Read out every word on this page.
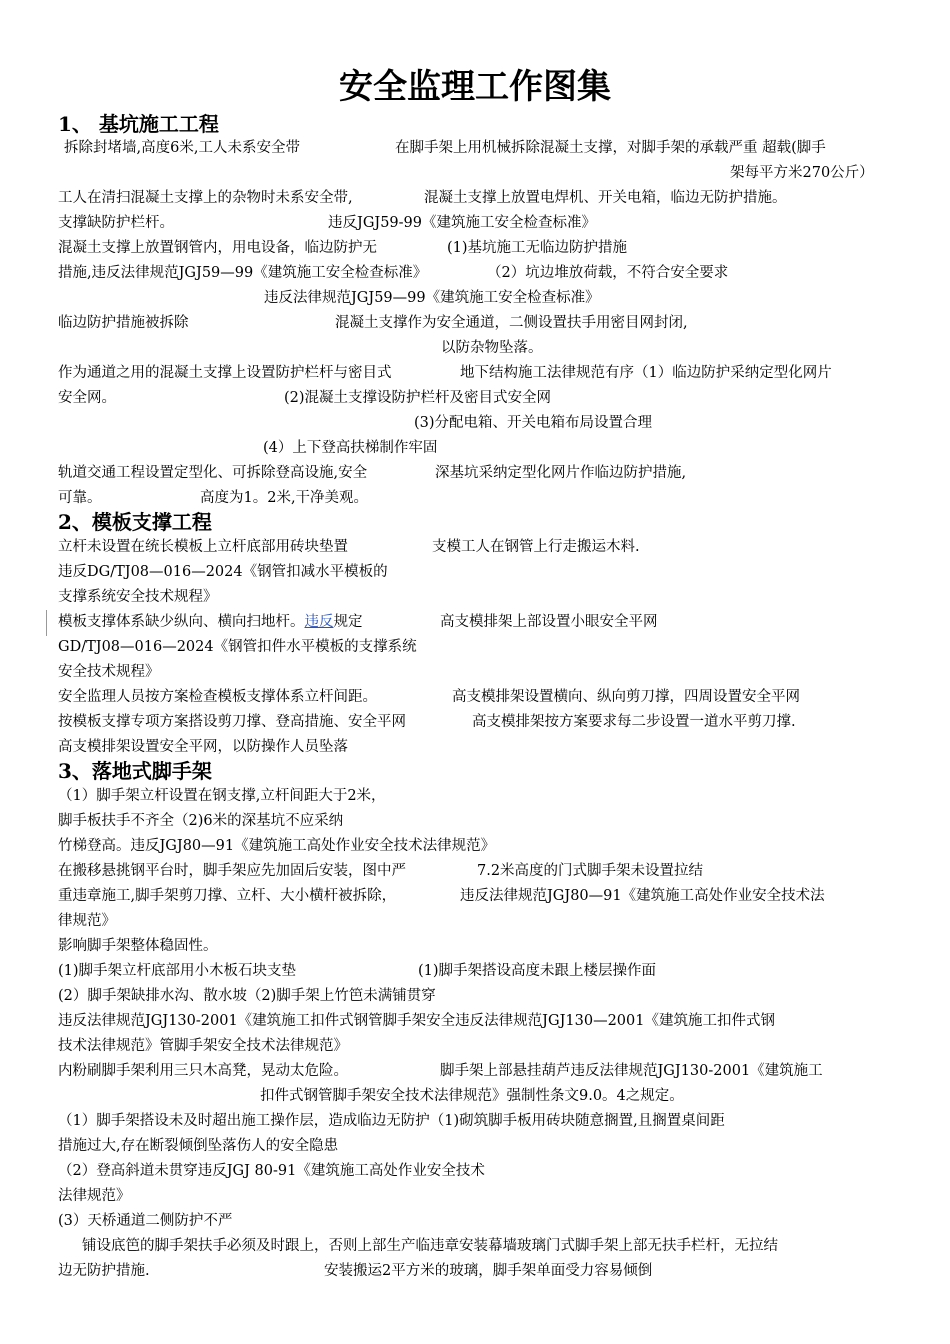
安全监理工作图集
1、 基坑施工工程
拆除封堵墙,高度6米,工人未系安全带	在脚手架上用机械拆除混凝土支撑，对脚手架的承载严重 超载(脚手
架每平方米270公斤）
工人在清扫混凝土支撑上的杂物时未系安全带,	混凝土支撑上放置电焊机、开关电箱，临边无防护措施。
支撑缺防护栏杆。	违反JGJ59-99《建筑施工安全检查标准》
混凝土支撑上放置钢管内，用电设备，临边防护无	(1)基坑施工无临边防护措施
措施,违反法律规范JGJ59—99《建筑施工安全检查标准》	（2）坑边堆放荷载，不符合安全要求
违反法律规范JGJ59—99《建筑施工安全检查标准》
临边防护措施被拆除	混凝土支撑作为安全通道，二侧设置扶手用密目网封闭,
以防杂物坠落。
作为通道之用的混凝土支撑上设置防护栏杆与密目式	地下结构施工法律规范有序（1）临边防护采纳定型化网片
安全网。	(2)混凝土支撑设防护栏杆及密目式安全网
(3)分配电箱、开关电箱布局设置合理
(4）上下登高扶梯制作牢固
轨道交通工程设置定型化、可拆除登高设施,安全	深基坑采纳定型化网片作临边防护措施,
可靠。	高度为1。2米,干净美观。
2、模板支撑工程
立杆未设置在统长模板上立杆底部用砖块垫置	支模工人在钢管上行走搬运木料.
违反DG/TJ08—016—2024《钢管扣减水平模板的
支撑系统安全技术规程》
模板支撑体系缺少纵向、横向扫地杆。违反规定	高支模排架上部设置小眼安全平网
GD/TJ08—016—2024《钢管扣件水平模板的支撑系统
安全技术规程》
安全监理人员按方案检查模板支撑体系立杆间距。	高支模排架设置横向、纵向剪刀撑，四周设置安全平网
按模板支撑专项方案搭设剪刀撑、登高措施、安全平网	高支模排架按方案要求每二步设置一道水平剪刀撑.
高支模排架设置安全平网，以防操作人员坠落
3、落地式脚手架
（1）脚手架立杆设置在钢支撑,立杆间距大于2米，
脚手板扶手不齐全（2)6米的深基坑不应采纳
竹梯登高。违反JGJ80—91《建筑施工高处作业安全技术法律规范》
在搬移悬挑钢平台时，脚手架应先加固后安装，图中严	7.2米高度的门式脚手架未设置拉结
重违章施工,脚手架剪刀撑、立杆、大小横杆被拆除，	违反法律规范JGJ80—91《建筑施工高处作业安全技术法
律规范》
影响脚手架整体稳固性。
(1)脚手架立杆底部用小木板石块支垫	(1)脚手架搭设高度未跟上楼层操作面
(2）脚手架缺排水沟、散水坡（2)脚手架上竹笆未满铺贯穿
违反法律规范JGJ130-2001《建筑施工扣件式钢管脚手架安全违反法律规范JGJ130—2001《建筑施工扣件式钢
技术法律规范》管脚手架安全技术法律规范》
内粉刷脚手架利用三只木高凳，晃动太危险。	脚手架上部悬挂葫芦违反法律规范JGJ130-2001《建筑施工
扣件式钢管脚手架安全技术法律规范》强制性条文9.0。4之规定。
（1）脚手架搭设未及时超出施工操作层，造成临边无防护（1)砌筑脚手板用砖块随意搁置,且搁置桌间距
措施过大,存在断裂倾倒坠落伤人的安全隐患
（2）登高斜道未贯穿违反JGJ 80-91《建筑施工高处作业安全技术
法律规范》
(3）天桥通道二侧防护不严
铺设底笆的脚手架扶手必须及时跟上，否则上部生产临违章安装幕墙玻璃门式脚手架上部无扶手栏杆，无拉结
边无防护措施.	安装搬运2平方米的玻璃，脚手架单面受力容易倾倒
